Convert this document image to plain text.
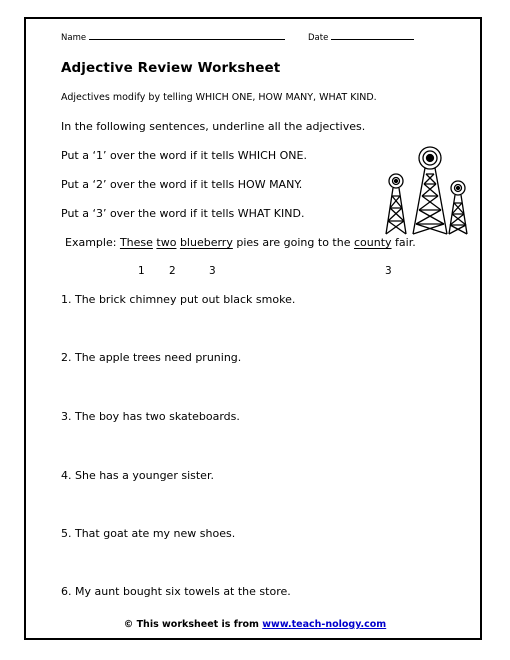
Name	Date
Adjective Review Worksheet
Adjectives modify by telling WHICH ONE, HOW MANY, WHAT KIND.
In the following sentences, underline all the adjectives.
Put a ‘1’ over the word if it tells WHICH ONE.
Put a ‘2’ over the word if it tells HOW MANY.
Put a ‘3’ over the word if it tells WHAT KIND.
Example: These two blueberry pies are going to the county fair.
1 2	3	3
1. The brick chimney put out black smoke.
2. The apple trees need pruning.
3. The boy has two skateboards.
4. She has a younger sister.
5. That goat ate my new shoes.
6. My aunt bought six towels at the store.
© This worksheet is from www.teach-nology.com
